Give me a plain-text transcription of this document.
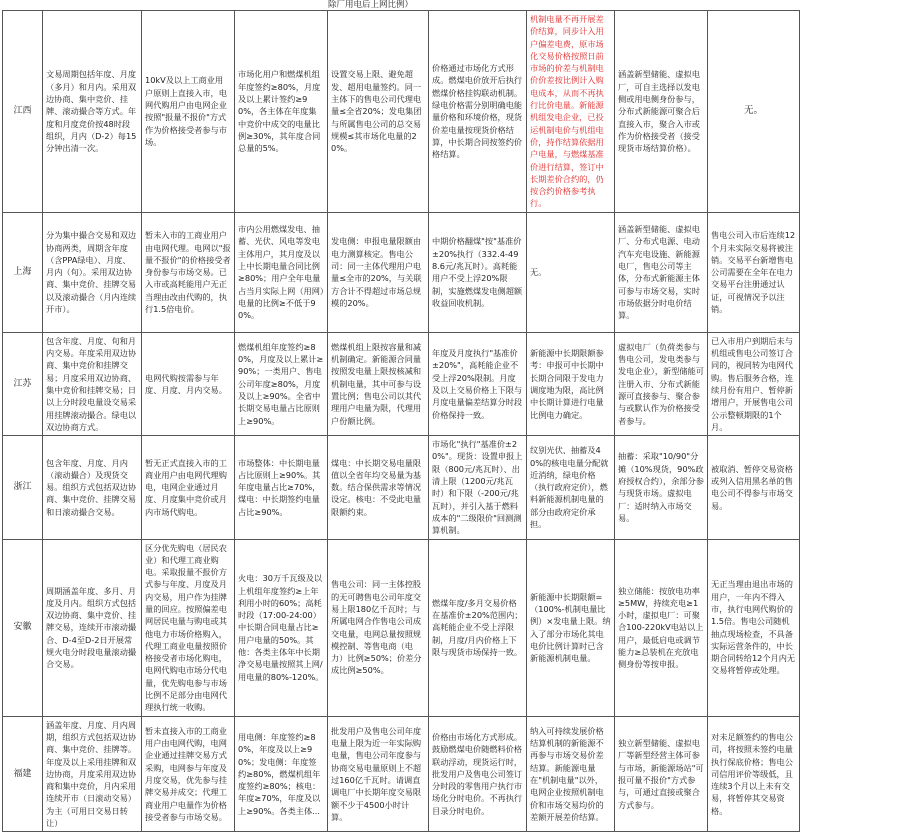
除厂用电后上网比例）
江西	文易周期包括年度、月度（多月）和月内。采用双边协商、集中竞价、挂牌、滚动撮合等方式。年度和月度竞价按48时段组织，月内（D-2）每15分钟出清一次。	10kV及以上工商业用户原则上直接入市，电网代购用户由电网企业按照"报量不报价"方式作为价格接受者参与市场。	市场化用户和燃煤机组年度签约≥80%，月度及以上累计签约≥90%，各主体在年度集中竞价中成交的电量比例≥30%，其年度合同总量的5%。	设置交易上限、避免超发、超用电量签约。同一主体下的售电公司代理电量≤全省20%；发电集团与所属售电公司的总交易规模≤其市场化电量的20%。	价格通过市场化方式形成。燃煤电价放开后执行燃煤价格挂钩联动机制。绿电价格需分别明确电能量价格和环境价格，现货价差电量按现货价格结算，中长期合同按签约价格结算。	机制电量不再开展差价结算，同步计入用户偏差电费，原市场化交易价格按照日前市场的价差与机制电价价差按比例计入购电成本，从而不再执行比价电量。新能源机组发电企业，已投运机制电价与机组电价，持作结算依据用户电量，与燃煤基准价进行结算，签订中长期差价合约的，仍按合约价格参考执行。	涵盖新型储能、虚拟电厂，可自主选择以发电侧或用电侧身份参与，分布式新能源可聚合后直接入市，聚合入市或作为价格接受者（接受现货市场结算价格）。	无。
上海	分为集中撮合交易和双边协商两类，周期含年度（含PPA绿电）、月度、月内（旬）。采用双边协商、集中竞价、挂牌交易以及滚动撮合（月内连续开市）。	暂未入市的工商业用户由电网代理。电网以"报量不报价"的价格接受者身份参与市场交易。已入市或高耗能用户无正当理由改由代购的，执行1.5倍电价。	市内公用燃煤发电、抽蓄、光伏、风电等发电主体用户，其月度及以上中长期电量合同比例≥80%；用户全年电量占当月实际上网（用网）电量的比例≥不低于90%。	发电侧：申报电量限额由电力测算核定。售电公司：同一主体代理用户电量≤全市的20%，与关联方合计不得超过市场总规模的20%。	中期价格翻煤"按"基准价±20%执行（332.4-498.6元/兆瓦时）。高耗能用户不受上浮20%限制，实施燃煤发电侧超额收益回收机制。	无。	涵盖新型储能、虚拟电厂、分布式电源、电动汽车充电设施、新能源电厂，售电公司等主体，分布式新能源主体可参与市场交易，实时市场依据分时电价结算。	售电公司入市后连续12个月未实际交易将被注销。交易平台新增售电公司需要在全年在电力交易平台注册通过认证，可视情况予以注销。
江苏	包含年度、月度、旬和月内交易。年度采用双边协商、集中竞价和挂牌交易；月度采用双边协商、集中竞价和挂牌交易；日以上分时段电量设交易采用挂牌滚动撮合。绿电以双边协商方式。	电网代购按需参与年度、月度、月内交易。	燃煤机组年度签约≥80%，月度及以上累计≥90%；一类用户、售电公司年度≥80%，月度及以上≥90%。全省中长期交易电量占比原则上≥90%。	燃煤机组上限按容量和减机制确定。新能源合同量按照发电量上限按核减和机制电量，其中可参与设置比例；售电公司以其代理用户电量为限，代理用户份额比例。	年度及月度执行"基准价±20%"，高耗能企业不受上浮20%限制。月度及以上交易价格上下限与月度电量偏差结算分时段价格保持一致。	新能源中长期限额参考：申报可中长期中长期合同限于发电力调度地为限，高比例中长期计算进行电量比例电力确定。	虚拟电厂（负荷类参与售电公司，发电类参与发电企业），新型储能可注册入市、分布式新能源可直接参与、聚合参与或默认作为价格接受者参与。	已入市用户到期后未与机组或售电公司签订合同的，视同转为电网代购。售后服务合格，连续月份有用户、暂停新增用户，开展售电公司公示整顿期限的1个月。
浙江	包含年度、月度、月内（滚动撮合）及现货交易。组织方式包括双边协商、集中竞价、挂牌交易和日滚动撮合交易。	暂无正式直接入市的工商业用户由电网代理购电，电网企业通过月度、月度集中竞价或月内市场代购电。	市场整体：中长期电量占比原则上≥90%。其年度电量占比≥70%，煤电：中长期签约电量占比≥90%。	煤电：中长期交易电量限值以全省年均交易量为基数。结合保供需求等情况设定。核电：不受此电量限额约束。	市场化"执行"基准价±20%"。现货：设置申报上限（800元/兆瓦时）、出清上限（1200元/兆瓦时）和下限（-200元/兆瓦时），并引入基于燃料成本的"二级限价"回测测算机制。	纹别光伏、抽蓄及40%的核电电量分配就近消纳，绿电价格（执行政府定价），燃料新能源机制电量的部分由政府定价承担。	抽蓄：采取"10/90"分摊（10%现货，90%政府授权合约），余部分参与现货市场。虚拟电厂：适时纳入市场交易。	被取消、暂停交易资格或列入信用黑名单的售电公司不得参与市场交易。
安徽	周期涵盖年度、多月、月度及月内。组织方式包括双边协商、集中竞价、挂牌交易，连续开市滚动撮合、D-4至D-2日开展常规火电分时段电量滚动撮合交易。	区分优先购电（居民农业）和代理工商业购电。采取报量不报价方式参与年度、月度及月内交易，用户作为挂牌量的回应。按照偏差电网居民电量与购电或其他电力市场价格购入，代理工商业电量按照价格接受者市场化购电，电网代购电市场分代电量，优先购电参与市场比例不足部分由电网代理执行统一收购。	火电：30万千瓦级及以上机组年度签约≥上年利用小时的60%；高耗时段（17:00-24:00）中长期合同电量占比≥用户电量的50%。其他：各类主体年中长期净交易电量按照其上网/用电量的80%-120%。	售电公司：同一主体控股的无可聘售电公司年度交易上限180亿千瓦时；与所属电网合作售电公司成交电量，电网总量按照规模控制、等售电商（电力）比例≥50%；价差分成比例≥50%。	燃煤年度/多月交易价格在基准价±20%范围内；高耗能企业不受上浮限制，月度/月内价格上下限与现货市场保持一致。	新能源中长期限额=（100%-机制电量比例）×发电量上限。纳入了部分市场化其电电价比例计算时已含新能源机制电量。	独立储能：按放电功率≥5MW，持续充电≥1小时，虚拟电厂：可聚合100-220kV电站以上用户，最低启电或调节能力≥总装机在充放电侧身份等按申报。	无正当理由退出市场的用户，一年内不得入市，执行电网代购价的1.5倍。售电公司随机抽点现场检查，不具备实际运营条件的，中长期合同转给12个月内无交易将暂停或处理。
福建	涵盖年度、月度、月内周期，组织方式包括双边协商、集中竞价、挂牌等。年度及以上采用挂牌和双边协商，月度采用双边协商和集中竞价，月内采用连续开市（日滚动交易）为主（可用日交易日转让）	暂未直接入市的工商业用户由电网代购，电网企业通过挂牌交易方式采购，电网参与年度及月度交易，优先参与挂牌交易并成交；代理工商业用户电量作为价格接受者参与市场交易。	用电侧：年度签约≥80%，年度及以上≥90%；发电侧：年度签约≥80%，燃煤机组年度签约≥80%；核电：年度≥70%，年度及以上≥90%。各类主体...	批发用户及售电公司年度电量上限为近一年实际购电量，售电公司年度参与协商交易电量原则上不超过160亿千瓦时。请调直调电厂中长期年度交易限额不少于4500小时计算。	价格由市场化方式形成。鼓励燃煤电价随燃料价格联动浮动，现货运行时，批发用户及售电公司签订分时段的零售用户执行市场化分时电价。不再执行目录分时电价。	纳入可持续发展价格结算机制的新能源不再参与市场交易价差结算。新能源电量在"机制电量"以外，电网企业按照机制电价和市场交易均价的差额开展差价结算。	独立新型储能、虚拟电厂等新型经营主体可参与市场，新能源场站"可报可量不报价"方式参与，可通过直接或聚合方式参与。	对未足额签约的售电公司，将按照未签约电量执行保底价格；售电公司信用评价等级低，且连续3个月以上未有交易，将暂停其交易资格。
